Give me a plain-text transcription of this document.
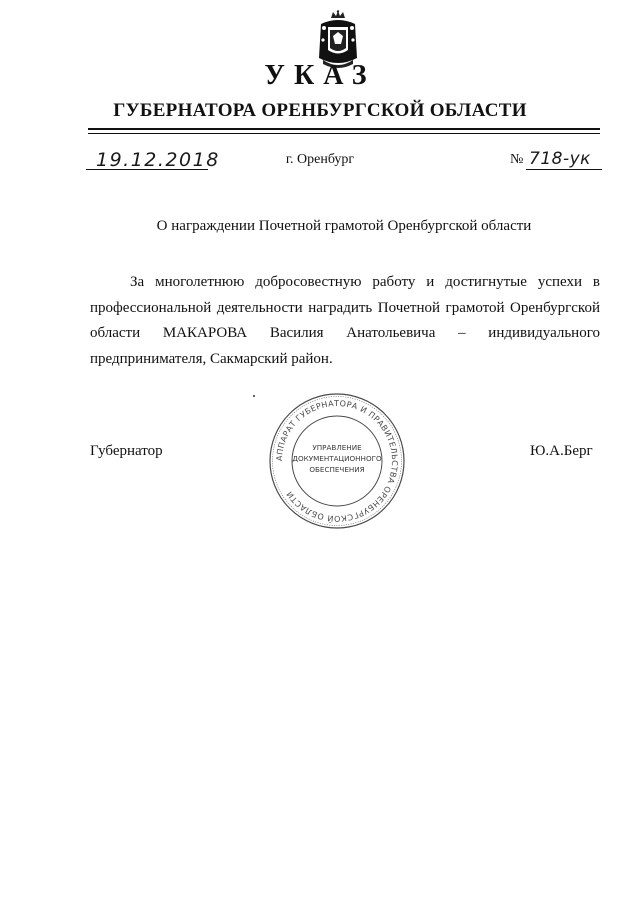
УКАЗ
ГУБЕРНАТОРА ОРЕНБУРГСКОЙ ОБЛАСТИ
19.12.2018	г. Оренбург	№ 718-ук
О награждении Почетной грамотой Оренбургской области
За многолетнюю добросовестную работу и достигнутые успехи в
профессиональной деятельности наградить Почетной грамотой Оренбургской
области МАКАРОВА Василия Анатольевича – индивидуального
предпринимателя, Сакмарский район.
Губернатор	Ю.А.Берг
АППАРАТ ГУБЕРНАТОРА И ПРАВИТЕЛЬСТВА ОРЕНБУРГСКОЙ ОБЛАСТИ
УПРАВЛЕНИЕ
ДОКУМЕНТАЦИОННОГО
ОБЕСПЕЧЕНИЯ
